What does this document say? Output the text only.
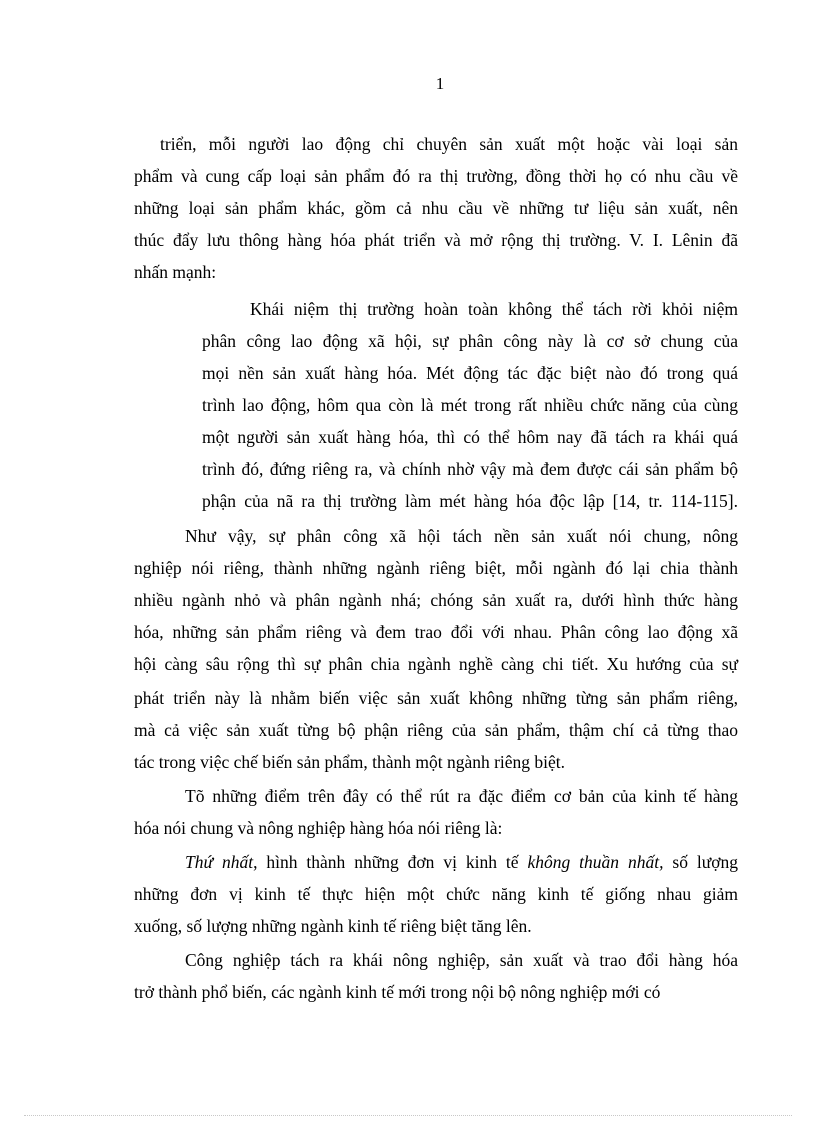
1
triển, mỗi người lao động chỉ chuyên sản xuất một hoặc vài loại sản
phẩm và cung cấp loại sản phẩm đó ra thị trường, đồng thời họ có nhu cầu về
những loại sản phẩm khác, gồm cả nhu cầu về những tư liệu sản xuất, nên
thúc đẩy lưu thông hàng hóa phát triển và mở rộng thị trường. V. I. Lênin đã
nhấn mạnh:
Khái niệm thị trường hoàn toàn không thể tách rời khỏi niệm
phân công lao động xã hội, sự phân công này là cơ sở chung của
mọi nền sản xuất hàng hóa. Mét động tác đặc biệt nào đó trong quá
trình lao động, hôm qua còn là mét trong rất nhiều chức năng của cùng
một người sản xuất hàng hóa, thì có thể hôm nay đã tách ra khái quá
trình đó, đứng riêng ra, và chính nhờ vậy mà đem được cái sản phẩm bộ
phận của nã ra thị trường làm mét hàng hóa độc lập [14, tr. 114-115].
Như vậy, sự phân công xã hội tách nền sản xuất nói chung, nông
nghiệp nói riêng, thành những ngành riêng biệt, mỗi ngành đó lại chia thành
nhiều ngành nhỏ và phân ngành nhá; chóng sản xuất ra, dưới hình thức hàng
hóa, những sản phẩm riêng và đem trao đổi với nhau. Phân công lao động xã
hội càng sâu rộng thì sự phân chia ngành nghề càng chi tiết. Xu hướng của sự
phát triển này là nhằm biến việc sản xuất không những từng sản phẩm riêng,
mà cả việc sản xuất từng bộ phận riêng của sản phẩm, thậm chí cả từng thao
tác trong việc chế biến sản phẩm, thành một ngành riêng biệt.
Tõ những điểm trên đây có thể rút ra đặc điểm cơ bản của kinh tế hàng
hóa nói chung và nông nghiệp hàng hóa nói riêng là:
Thứ nhất, hình thành những đơn vị kinh tế không thuần nhất, số lượng
những đơn vị kinh tế thực hiện một chức năng kinh tế giống nhau giảm
xuống, số lượng những ngành kinh tế riêng biệt tăng lên.
Công nghiệp tách ra khái nông nghiệp, sản xuất và trao đổi hàng hóa
trở thành phổ biến, các ngành kinh tế mới trong nội bộ nông nghiệp mới có
